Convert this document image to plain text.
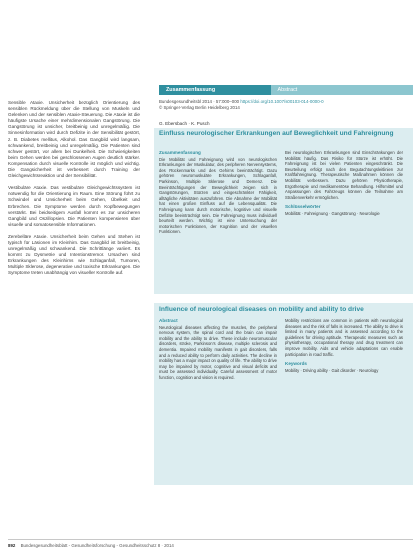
Sensible Ataxie. Unsicherheit bezüglich Orientierung des sensiblen Rückmeldung über die Stellung von Muskeln und Gelenken und der sensiblen Ataxie-Steuerung. Die Ataxie ist die häufigste Ursache einer mehrdimensionalen Gangstörung. Die Gangstörung ist unsicher, breitbeinig und unregelmäßig. Die Sinnesinformation wird durch Defizite in der Sensibilität gestört, z. B. Diabetes mellitus, Alkohol. Das Gangbild wird langsam, schwankend, breitbeinig und unregelmäßig. Die Patienten sind schwer gestört, vor allem bei Dunkelheit. Die Schwierigkeiten beim Gehen werden bei geschlossenen Augen deutlich stärker. Kompensation durch visuelle Kontrolle ist möglich und wichtig. Die Gangsicherheit ist verbessert durch Training der Gleichgewichtsreaktion und der Sensibilität.

Vestibuläre Ataxie. Das vestibuläre Gleichgewichtssystem ist notwendig für die Orientierung im Raum. Eine Störung führt zu Schwindel und Unsicherheit beim Gehen, Übelkeit und Erbrechen. Die Symptome werden durch Kopfbewegungen verstärkt. Bei beidseitigem Ausfall kommt es zur unsicheren Gangbild und Oszillopsien. Die Patienten kompensieren über visuelle und somatosensible Informationen.

Zerebelläre Ataxie. Unsicherheit beim Gehen und Stehen ist typisch für Läsionen im Kleinhirn. Das Gangbild ist breitbeinig, unregelmäßig und schwankend. Die Schrittlänge variiert. Es kommt zu Dysmetrie und Intentionstremor. Ursachen sind Erkrankungen des Kleinhirns wie Schlaganfall, Tumoren, Multiple Sklerose, degenerative und toxische Erkrankungen. Die Symptome treten unabhängig von visueller Kontrolle auf.

Zusammenfassung	Abstract
Bundesgesundheitsbl 2014 · 57:000–000 https://doi.org/10.1007/s00103-014-0000-0
© Springer-Verlag Berlin Heidelberg 2014
G. Ebersbach · K. Pusch
Einfluss neurologischer Erkrankungen auf Beweglichkeit und Fahreignung
Zusammenfassung

Die Mobilität und Fahreignung wird von neurologischen Erkrankungen der Muskulatur, des peripheren Nervensystems, des Rückenmarks und des Gehirns beeinträchtigt. Dazu gehören neuromuskuläre Erkrankungen, Schlaganfall, Parkinson, Multiple Sklerose und Demenz. Die Beeinträchtigungen der Beweglichkeit zeigen sich in Gangstörungen, Stürzen und eingeschränkter Fähigkeit, alltägliche Aktivitäten auszuführen. Die Abnahme der Mobilität hat einen großen Einfluss auf die Lebensqualität. Die Fahreignung kann durch motorische, kognitive und visuelle Defizite beeinträchtigt sein. Die Fahreignung muss individuell beurteilt werden. Wichtig ist eine Untersuchung der motorischen Funktionen, der Kognition und der visuellen Funktionen.

Bei neurologischen Erkrankungen sind Einschränkungen der Mobilität häufig. Das Risiko für Stürze ist erhöht. Die Fahreignung ist bei vielen Patienten eingeschränkt. Die Beurteilung erfolgt nach den Begutachtungsleitlinien zur Kraftfahreignung. Therapeutische Maßnahmen können die Mobilität verbessern. Dazu gehören Physiotherapie, Ergotherapie und medikamentöse Behandlung. Hilfsmittel und Anpassungen des Fahrzeugs können die Teilnahme am Straßenverkehr ermöglichen.

Schlüsselwörter
Mobilität · Fahreignung · Gangstörung · Neurologie
Influence of neurological diseases on mobility and ability to drive
Abstract

Neurological diseases affecting the muscles, the peripheral nervous system, the spinal cord and the brain can impair mobility and the ability to drive. These include neuromuscular disorders, stroke, Parkinson’s disease, multiple sclerosis and dementia. Impaired mobility manifests in gait disorders, falls and a reduced ability to perform daily activities. The decline in mobility has a major impact on quality of life. The ability to drive may be impaired by motor, cognitive and visual deficits and must be assessed individually. Careful assessment of motor function, cognition and vision is required.

Mobility restrictions are common in patients with neurological diseases and the risk of falls is increased. The ability to drive is limited in many patients and is assessed according to the guidelines for driving aptitude. Therapeutic measures such as physiotherapy, occupational therapy and drug treatment can improve mobility. Aids and vehicle adaptations can enable participation in road traffic.

Keywords
Mobility · Driving ability · Gait disorder · Neurology
892 Bundesgesundheitsblatt - Gesundheitsforschung - Gesundheitsschutz 8 · 2014
